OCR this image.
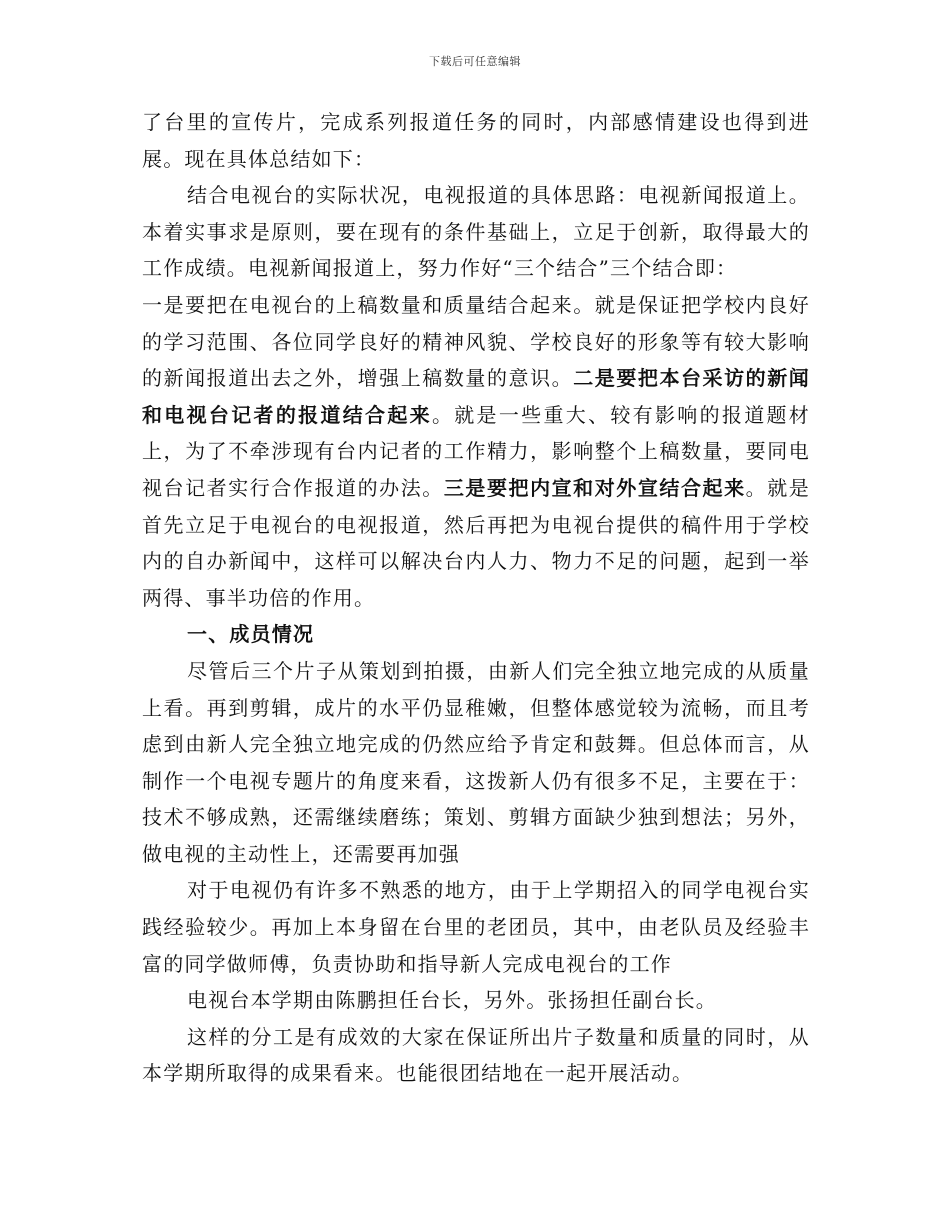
下载后可任意编辑

了台里的宣传片，完成系列报道任务的同时，内部感情建设也得到进展。现在具体总结如下：

结合电视台的实际状况，电视报道的具体思路：电视新闻报道上。本着实事求是原则，要在现有的条件基础上，立足于创新，取得最大的工作成绩。电视新闻报道上，努力作好“三个结合”三个结合即：

一是要把在电视台的上稿数量和质量结合起来。就是保证把学校内良好的学习范围、各位同学良好的精神风貌、学校良好的形象等有较大影响的新闻报道出去之外，增强上稿数量的意识。二是要把本台采访的新闻和电视台记者的报道结合起来。就是一些重大、较有影响的报道题材上，为了不牵涉现有台内记者的工作精力，影响整个上稿数量，要同电视台记者实行合作报道的办法。三是要把内宣和对外宣结合起来。就是首先立足于电视台的电视报道，然后再把为电视台提供的稿件用于学校内的自办新闻中，这样可以解决台内人力、物力不足的问题，起到一举两得、事半功倍的作用。

一、成员情况

尽管后三个片子从策划到拍摄，由新人们完全独立地完成的从质量上看。再到剪辑，成片的水平仍显稚嫩，但整体感觉较为流畅，而且考虑到由新人完全独立地完成的仍然应给予肯定和鼓舞。但总体而言，从制作一个电视专题片的角度来看，这拨新人仍有很多不足，主要在于：技术不够成熟，还需继续磨练；策划、剪辑方面缺少独到想法；另外，做电视的主动性上，还需要再加强

对于电视仍有许多不熟悉的地方，由于上学期招入的同学电视台实践经验较少。再加上本身留在台里的老团员，其中，由老队员及经验丰富的同学做师傅，负责协助和指导新人完成电视台的工作

电视台本学期由陈鹏担任台长，另外。张扬担任副台长。

这样的分工是有成效的大家在保证所出片子数量和质量的同时，从本学期所取得的成果看来。也能很团结地在一起开展活动。
